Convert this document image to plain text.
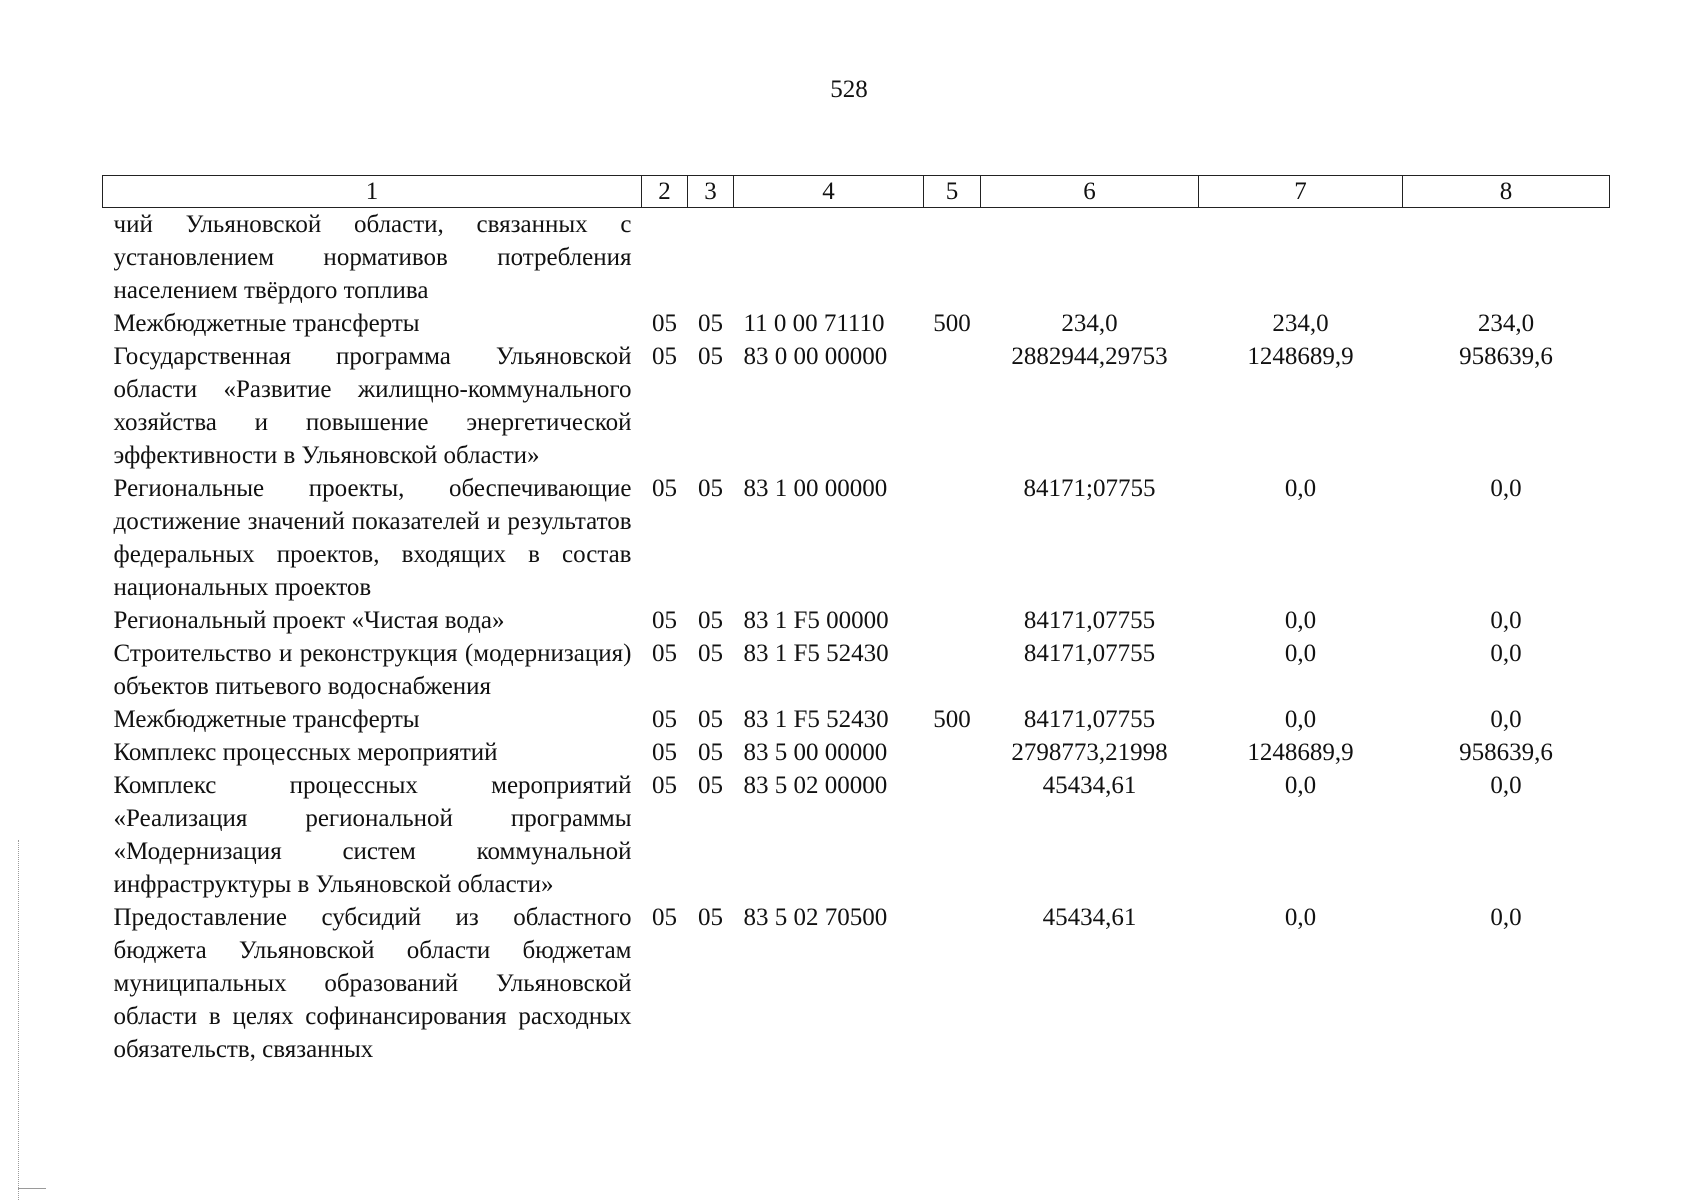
528
1	2	3	4	5	6	7	8
чий Ульяновской области, связанных с установлением нормативов потребления населением твёрдого топлива							
Межбюджетные трансферты	05	05	11 0 00 71110	500	234,0	234,0	234,0
Государственная программа Ульяновской области «Развитие жилищно-коммунального хозяйства и повышение энергетической эффективности в Ульяновской области»	05	05	83 0 00 00000		2882944,29753	1248689,9	958639,6
Региональные проекты, обеспечивающие достижение значений показателей и результатов федеральных проектов, входящих в состав национальных проектов	05	05	83 1 00 00000		84171;07755	0,0	0,0
Региональный проект «Чистая вода»	05	05	83 1 F5 00000		84171,07755	0,0	0,0
Строительство и реконструкция (модернизация) объектов питьевого водоснабжения	05	05	83 1 F5 52430		84171,07755	0,0	0,0
Межбюджетные трансферты	05	05	83 1 F5 52430	500	84171,07755	0,0	0,0
Комплекс процессных мероприятий	05	05	83 5 00 00000		2798773,21998	1248689,9	958639,6
Комплекс процессных мероприятий «Реализация региональной программы «Модернизация систем коммунальной инфраструктуры в Ульяновской области»	05	05	83 5 02 00000		45434,61	0,0	0,0
Предоставление субсидий из областного бюджета Ульяновской области бюджетам муниципальных образований Ульяновской области в целях софинансирования расходных обязательств, связанных	05	05	83 5 02 70500		45434,61	0,0	0,0
